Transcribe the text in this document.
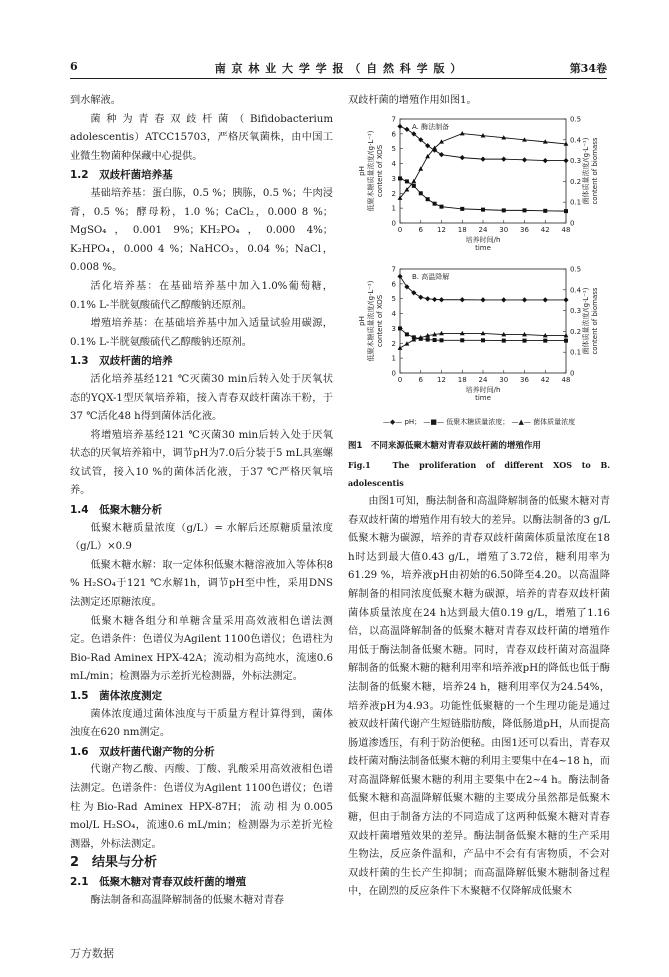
6	南 京 林 业 大 学 学 报 （ 自 然 科 学 版 ）	第34卷

到水解液。

菌种为青春双歧杆菌（Bifidobacterium adolescentis）ATCC15703，严格厌氧菌株，由中国工业微生物菌种保藏中心提供。

1.2　双歧杆菌培养基

基础培养基：蛋白胨，0.5 %；胰胨，0.5 %；牛肉浸膏，0.5 %；酵母粉，1.0 %；CaCl₂，0.000 8 %；MgSO₄，0.001 9%；KH₂PO₄，0.000 4%；K₂HPO₄，0.000 4 %；NaHCO₃，0.04 %；NaCl，0.008 %。

活化培养基：在基础培养基中加入1.0%葡萄糖，0.1% L-半胱氨酸硫代乙醇酸钠还原剂。

增殖培养基：在基础培养基中加入适量试验用碳源，0.1% L-半胱氨酸硫代乙醇酸钠还原剂。

1.3　双歧杆菌的培养

活化培养基经121 ℃灭菌30 min后转入处于厌氧状态的YQX-1型厌氧培养箱，接入青春双歧杆菌冻干粉，于37 ℃活化48 h得到菌体活化液。

将增殖培养基经121 ℃灭菌30 min后转入处于厌氧状态的厌氧培养箱中，调节pH为7.0后分装于5 mL具塞螺纹试管，接入10 %的菌体活化液，于37 ℃严格厌氧培养。

1.4　低聚木糖分析

低聚木糖质量浓度（g/L）= 水解后还原糖质量浓度（g/L）×0.9

低聚木糖水解：取一定体积低聚木糖溶液加入等体积8 % H₂SO₄于121 ℃水解1h，调节pH至中性，采用DNS法测定还原糖浓度。

低聚木糖各组分和单糖含量采用高效液相色谱法测定。色谱条件：色谱仪为Agilent 1100色谱仪；色谱柱为Bio-Rad Aminex HPX-42A；流动相为高纯水，流速0.6 mL/min；检测器为示差折光检测器，外标法测定。

1.5　菌体浓度测定

菌体浓度通过菌体浊度与干质量方程计算得到，菌体浊度在620 nm测定。

1.6　双歧杆菌代谢产物的分析

代谢产物乙酸、丙酸、丁酸、乳酸采用高效液相色谱法测定。色谱条件：色谱仪为Agilent 1100色谱仪；色谱柱为Bio-Rad Aminex HPX-87H；流动相为0.005 mol/L H₂SO₄，流速0.6 mL/min；检测器为示差折光检测器，外标法测定。

2　结果与分析

2.1　低聚木糖对青春双歧杆菌的增殖

酶法制备和高温降解制备的低聚木糖对青春

双歧杆菌的增殖作用如图1。

0 6 12 18 24 30 36 42 48
0
1
2
3
4
5
6
7
0
0.1
0.2
0.3
0.4
0.5
A. 酶法制备
培养时间/h
time
pH 低聚木糖质量浓度/(g·L⁻¹) content of XOS	菌体质量浓度/(g·L⁻¹) content of biomass
0 6 12 18 24 30 36 42 48
0
1
2
3
4
5
6
7
0
0.1
0.2
0.3
0.4
0.5
B. 高温降解
培养时间/h
time
pH 低聚木糖质量浓度/(g·L⁻¹) content of XOS	菌体质量浓度/(g·L⁻¹) content of biomass
—◆— pH； —■— 低聚木糖质量浓度； —▲— 菌体质量浓度

图1　不同来源低聚木糖对青春双歧杆菌的增殖作用

Fig.1　The proliferation of different XOS to B. adolescentis

由图1可知，酶法制备和高温降解制备的低聚木糖对青春双歧杆菌的增殖作用有较大的差异。以酶法制备的3 g/L低聚木糖为碳源，培养的青春双歧杆菌菌体质量浓度在18 h时达到最大值0.43 g/L，增殖了3.72倍，糖利用率为61.29 %，培养液pH由初始的6.50降至4.20。以高温降解制备的相同浓度低聚木糖为碳源，培养的青春双歧杆菌菌体质量浓度在24 h达到最大值0.19 g/L，增殖了1.16倍，以高温降解制备的低聚木糖对青春双歧杆菌的增殖作用低于酶法制备低聚木糖。同时，青春双歧杆菌对高温降解制备的低聚木糖的糖利用率和培养液pH的降低也低于酶法制备的低聚木糖，培养24 h，糖利用率仅为24.54%，培养液pH为4.93。功能性低聚糖的一个生理功能是通过被双歧杆菌代谢产生短链脂肪酸，降低肠道pH，从而提高肠道渗透压，有利于防治便秘。由图1还可以看出，青春双歧杆菌对酶法制备低聚木糖的利用主要集中在4~18 h，而对高温降解低聚木糖的利用主要集中在2~4 h。酶法制备低聚木糖和高温降解低聚木糖的主要成分虽然都是低聚木糖，但由于制备方法的不同造成了这两种低聚木糖对青春双歧杆菌增殖效果的差异。酶法制备低聚木糖的生产采用生物法，反应条件温和，产品中不会有有害物质，不会对双歧杆菌的生长产生抑制；而高温降解低聚木糖制备过程中，在剧烈的反应条件下木聚糖不仅降解成低聚木

万方数据
